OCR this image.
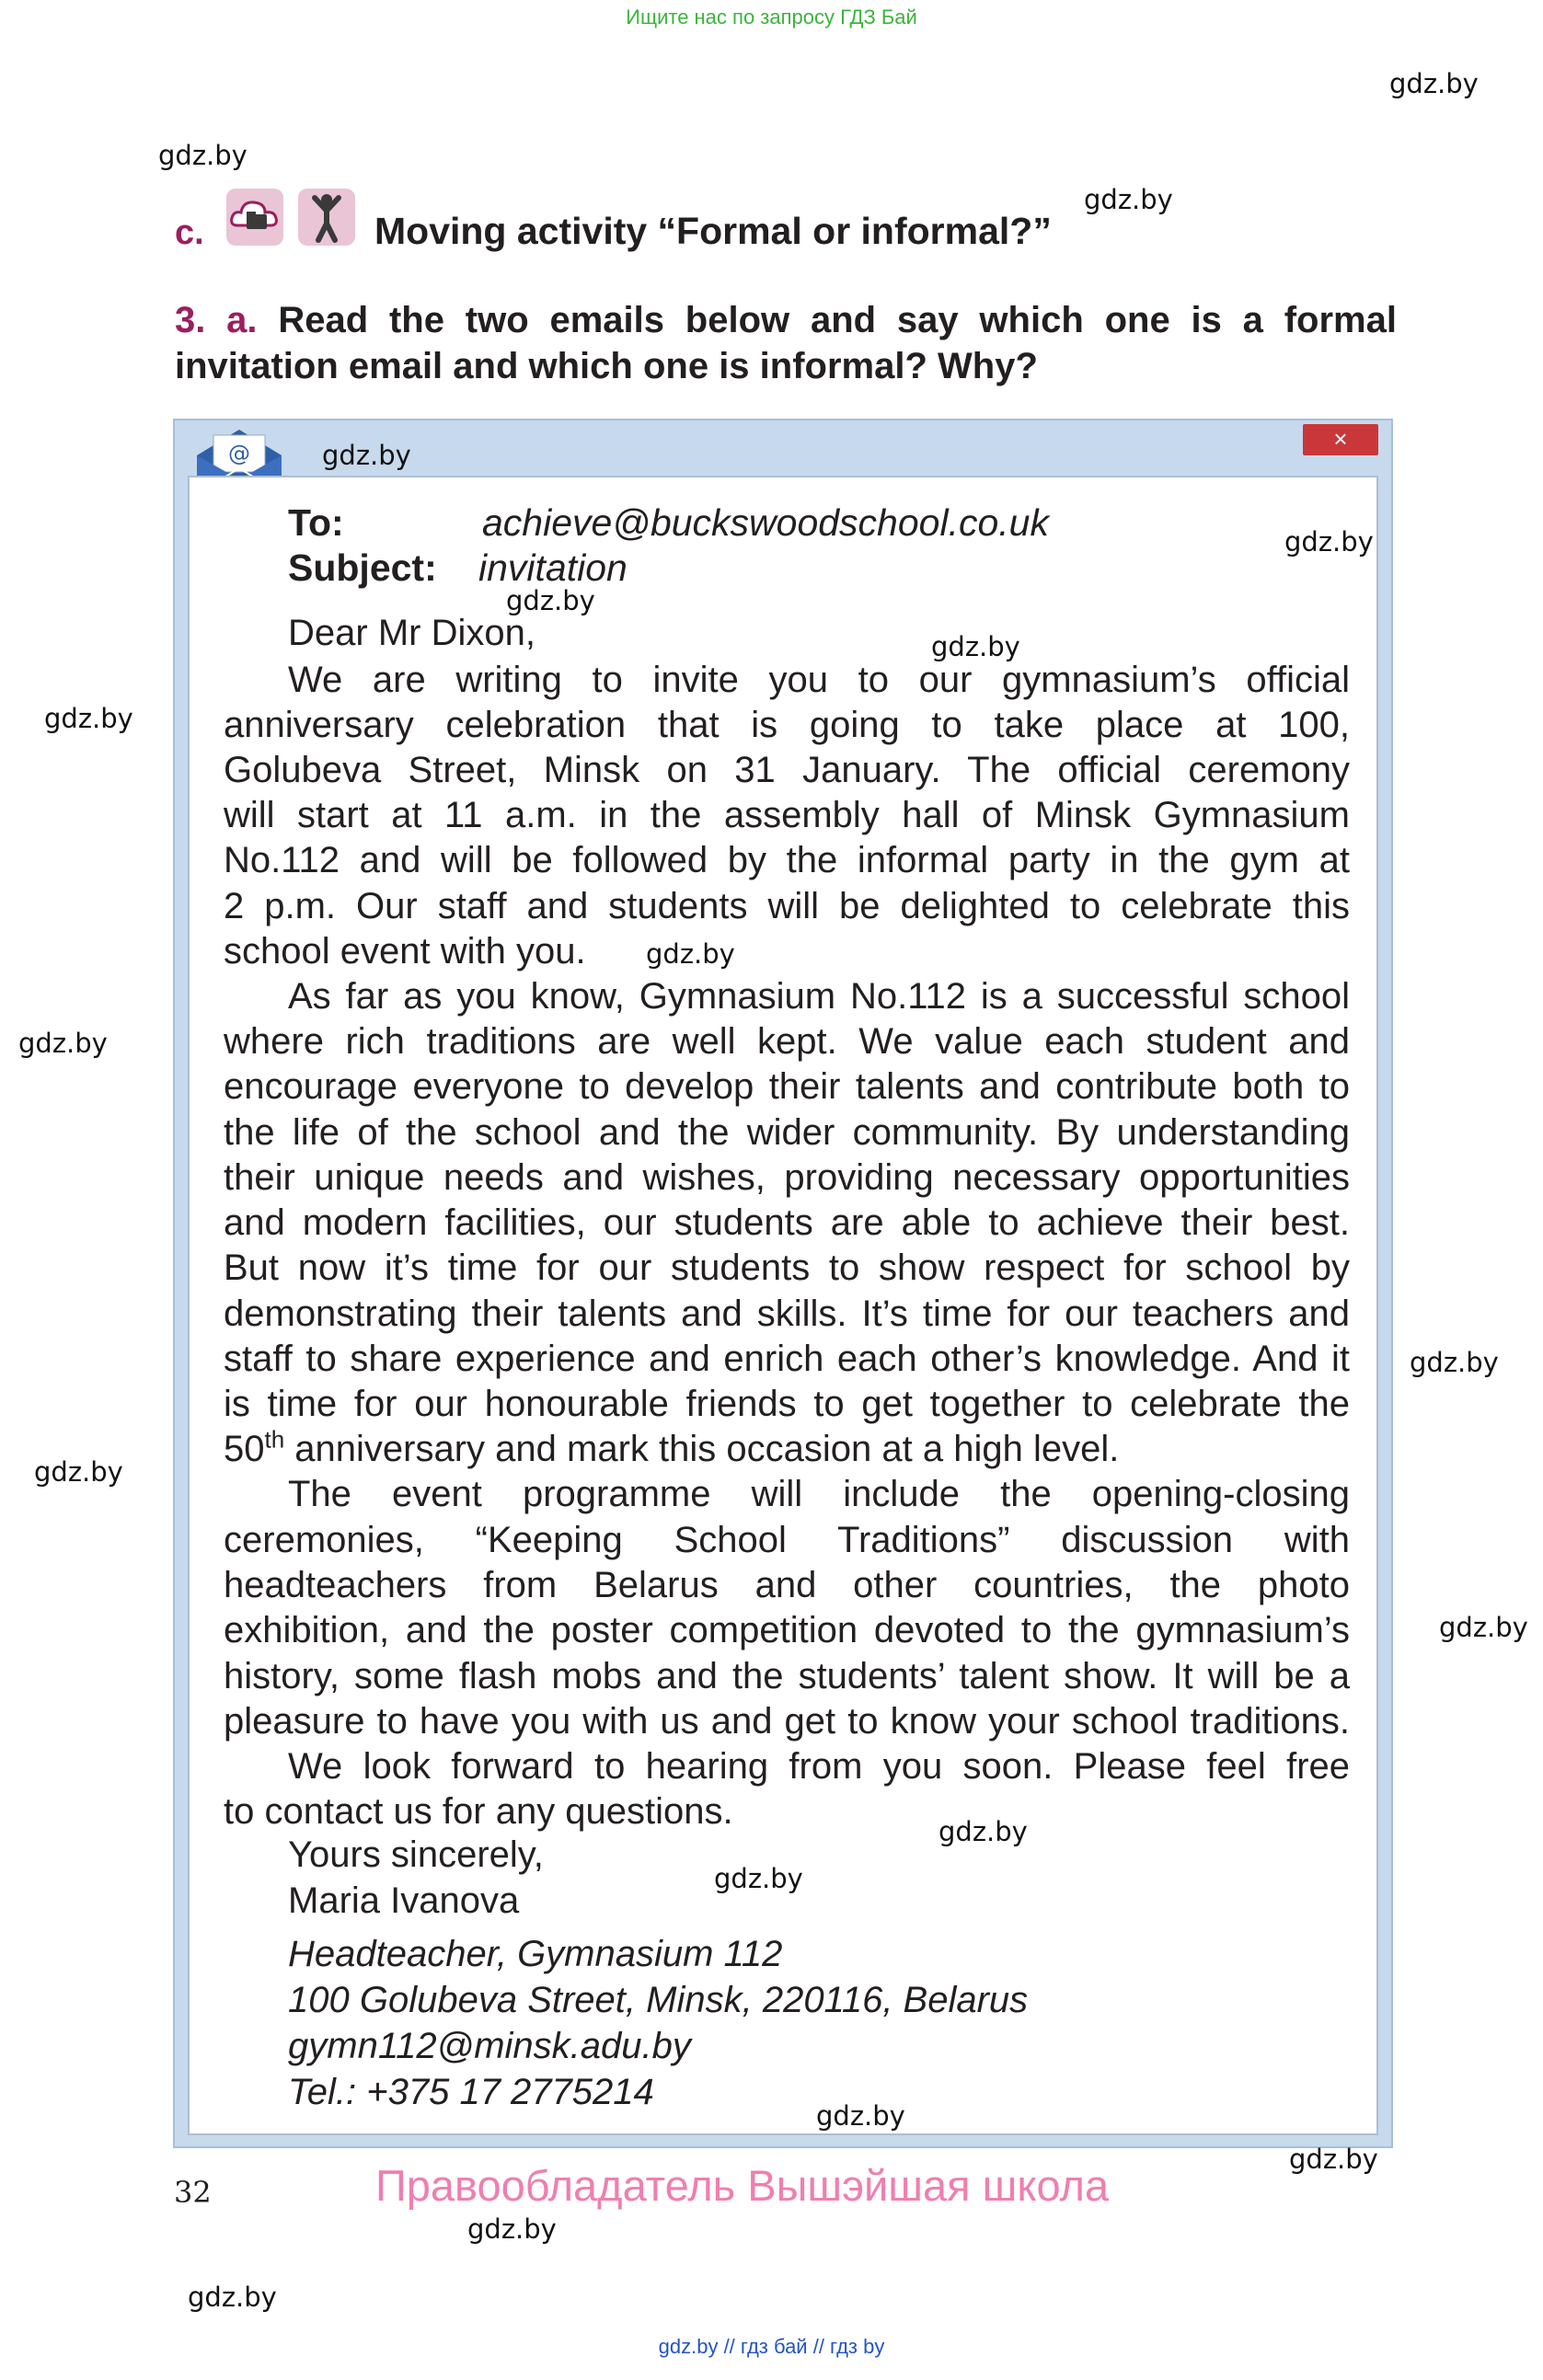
Ищите нас по запросу ГДЗ Бай
gdz.by
gdz.by
gdz.by
c.	Moving activity “Formal or informal?”
3. a. Read the two emails below and say which one is a formal invitation email and which one is informal? Why?
@
×
gdz.by
To:	achieve@buckswoodschool.co.uk
Subject: invitation
gdz.by
gdz.by
gdz.by
Dear Mr Dixon,
We are writing to invite you to our gymnasium’s official
anniversary celebration that is going to take place at 100,
Golubeva Street, Minsk on 31 January. The official ceremony
will start at 11 a.m. in the assembly hall of Minsk Gymnasium
No.112 and will be followed by the informal party in the gym at
2 p.m. Our staff and students will be delighted to celebrate this
school event with you.	gdz.by
gdz.by
gdz.by
As far as you know, Gymnasium No.112 is a successful school
where rich traditions are well kept. We value each student and
encourage everyone to develop their talents and contribute both to
the life of the school and the wider community. By understanding
their unique needs and wishes, providing necessary opportunities
and modern facilities, our students are able to achieve their best.
But now it’s time for our students to show respect for school by
demonstrating their talents and skills. It’s time for our teachers and
staff to share experience and enrich each other’s knowledge. And it
is time for our honourable friends to get together to celebrate the
50th anniversary and mark this occasion at a high level.
gdz.by
gdz.by
The event programme will include the opening-closing
ceremonies, “Keeping School Traditions” discussion with
headteachers from Belarus and other countries, the photo
exhibition, and the poster competition devoted to the gymnasium’s
history, some flash mobs and the students’ talent show. It will be a
pleasure to have you with us and get to know your school traditions.
gdz.by
We look forward to hearing from you soon. Please feel free
to contact us for any questions.	gdz.by
Yours sincerely,
Maria Ivanova
gdz.by
Headteacher, Gymnasium 112
100 Golubeva Street, Minsk, 220116, Belarus
gymn112@minsk.adu.by
Tel.: +375 17 2775214
gdz.by
gdz.by
32	Правообладатель Вышэйшая школа
gdz.by
gdz.by
gdz.by // гдз бай // гдз by
